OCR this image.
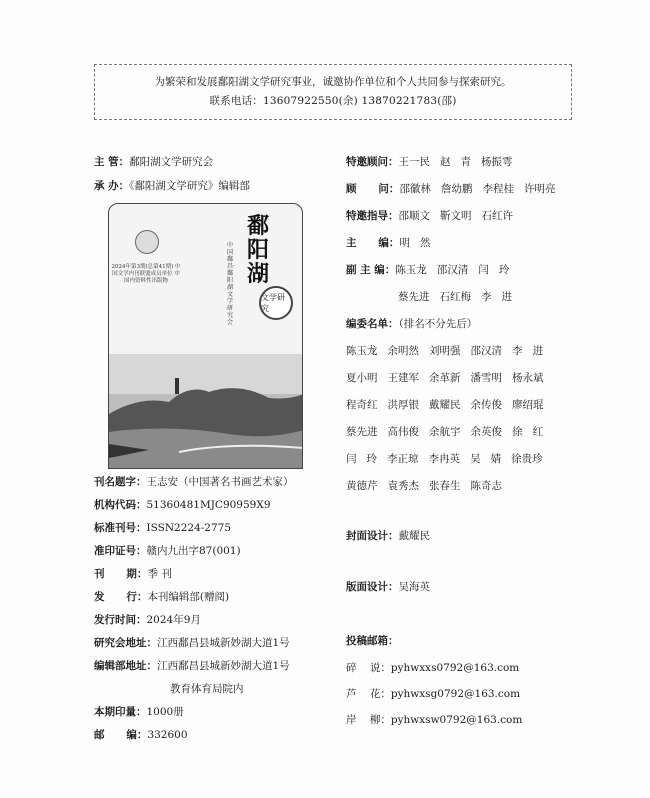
为繁荣和发展鄱阳湖文学研究事业，诚邀协作单位和个人共同参与探索研究。
联系电话：13607922550(余) 13870221783(邵)
主 管：鄱阳湖文学研究会
承 办：《鄱阳湖文学研究》编辑部
2024年第3期(总第41期) 中国文学内刊联盟成员单位 中国内资料性出版物
中国鄱昌·鄱阳湖文学研究会
鄱阳湖
文学研究
刊名题字：王志安（中国著名书画艺术家）
机构代码：51360481MJC90959X9
标准刊号：ISSN2224-2775
准印证号：赣内九出字87(001)
刊      期：季 刊
发      行：本刊编辑部(赠阅)
发行时间：2024年9月
研究会地址：江西鄱昌县城新妙湖大道1号
编辑部地址：江西鄱昌县城新妙湖大道1号
教育体育局院内
本期印量：1000册
邮      编：332600
特邀顾问：王一民   赵   青   杨振雩
顾      问：邵徽林   詹幼鹏   李程桂   许明亮
特邀指导：邵顺文   靳文明   石红许
主      编：明   然
副 主 编：陈玉龙   邵汉清   闫   玲
蔡先进   石红梅   李   进
编委名单：（排名不分先后）
陈玉龙   余明然   刘明强   邵汉清   李   进
夏小明   王建军   余革新   潘雪明   杨永斌
程奇红   洪厚银   戴耀民   余传俊   廖绍琨
蔡先进   高伟俊   余航宇   余英俊   徐   红
闫   玲   李正琼   李冉英   吴   婧   徐贵珍
黄德芹   袁秀杰   张春生   陈奇志
封面设计：戴耀民
版面设计：吴海英
投稿邮箱：
碎    说：pyhwxxs0792@163.com
芦    花：pyhwxsg0792@163.com
岸    柳：pyhwxsw0792@163.com
